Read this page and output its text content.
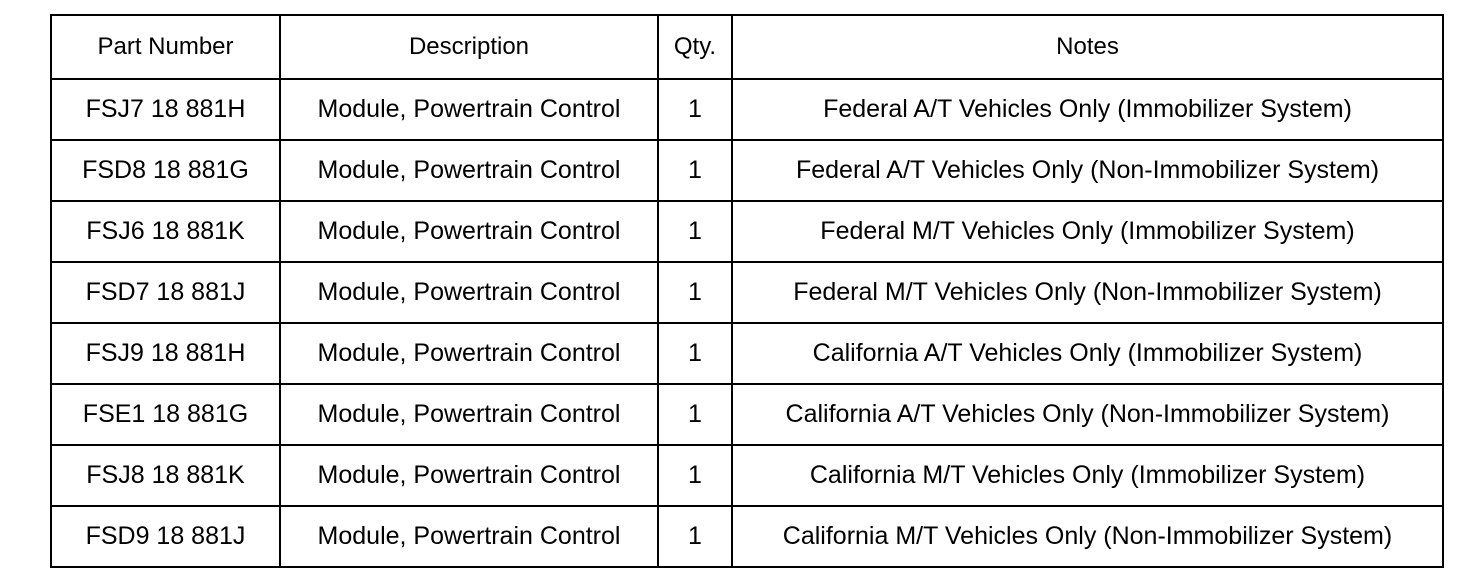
Part Number	Description	Qty.	Notes
FSJ7 18 881H	Module, Powertrain Control	1	Federal A/T Vehicles Only (Immobilizer System)
FSD8 18 881G	Module, Powertrain Control	1	Federal A/T Vehicles Only (Non-Immobilizer System)
FSJ6 18 881K	Module, Powertrain Control	1	Federal M/T Vehicles Only (Immobilizer System)
FSD7 18 881J	Module, Powertrain Control	1	Federal M/T Vehicles Only (Non-Immobilizer System)
FSJ9 18 881H	Module, Powertrain Control	1	California A/T Vehicles Only (Immobilizer System)
FSE1 18 881G	Module, Powertrain Control	1	California A/T Vehicles Only (Non-Immobilizer System)
FSJ8 18 881K	Module, Powertrain Control	1	California M/T Vehicles Only (Immobilizer System)
FSD9 18 881J	Module, Powertrain Control	1	California M/T Vehicles Only (Non-Immobilizer System)
